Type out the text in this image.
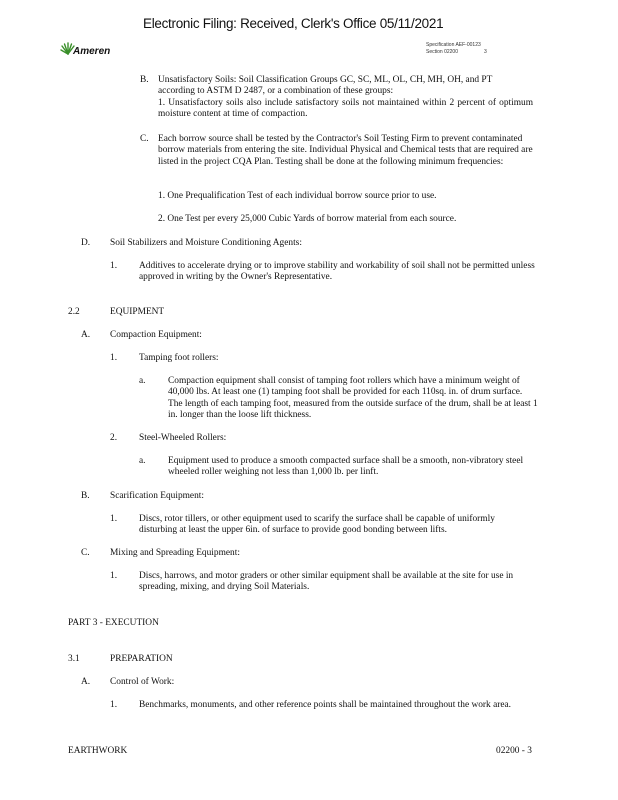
Electronic Filing: Received, Clerk's Office 05/11/2021
Ameren
Specification AEF-00123
Section 02200	3
B. Unsatisfactory Soils: Soil Classification Groups GC, SC, ML, OL, CH, MH, OH, and PT
according to ASTM D 2487, or a combination of these groups:
1. Unsatisfactory soils also include satisfactory soils not maintained within 2 percent of optimum moisture content at time of compaction.
C. Each borrow source shall be tested by the Contractor's Soil Testing Firm to prevent contaminated borrow materials from entering the site. Individual Physical and Chemical tests that are required are listed in the project CQA Plan. Testing shall be done at the following minimum frequencies:
1. One Prequalification Test of each individual borrow source prior to use.
2. One Test per every 25,000 Cubic Yards of borrow material from each source.
D. Soil Stabilizers and Moisture Conditioning Agents:
1. Additives to accelerate drying or to improve stability and workability of soil shall not be permitted unless approved in writing by the Owner's Representative.
2.2	EQUIPMENT
A. Compaction Equipment:
1. Tamping foot rollers:
a. Compaction equipment shall consist of tamping foot rollers which have a minimum weight of 40,000 lbs. At least one (1) tamping foot shall be provided for each 110sq. in. of drum surface. The length of each tamping foot, measured from the outside surface of the drum, shall be at least 1 in. longer than the loose lift thickness.
2. Steel-Wheeled Rollers:
a. Equipment used to produce a smooth compacted surface shall be a smooth, non-vibratory steel wheeled roller weighing not less than 1,000 lb. per linft.
B. Scarification Equipment:
1. Discs, rotor tillers, or other equipment used to scarify the surface shall be capable of uniformly disturbing at least the upper 6in. of surface to provide good bonding between lifts.
C. Mixing and Spreading Equipment:
1. Discs, harrows, and motor graders or other similar equipment shall be available at the site for use in spreading, mixing, and drying Soil Materials.
PART 3 - EXECUTION
3.1	PREPARATION
A. Control of Work:
1. Benchmarks, monuments, and other reference points shall be maintained throughout the work area.
EARTHWORK	02200 - 3
